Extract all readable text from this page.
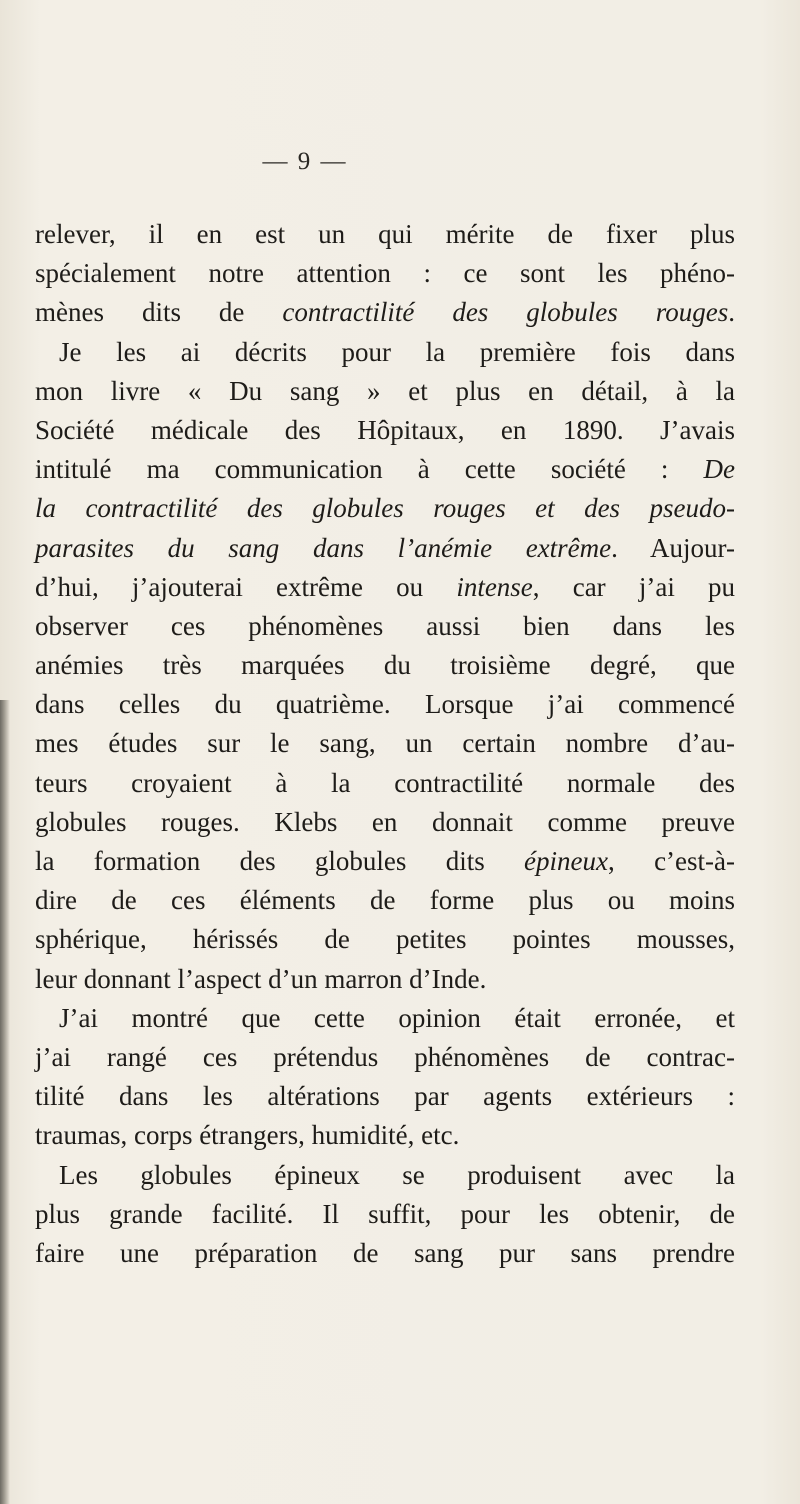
— 9 —
relever, il en est un qui mérite de fixer plus
spécialement notre attention : ce sont les phéno-
mènes dits de contractilité des globules rouges.
Je les ai décrits pour la première fois dans
mon livre « Du sang » et plus en détail, à la
Société médicale des Hôpitaux, en 1890. J’avais
intitulé ma communication à cette société : De
la contractilité des globules rouges et des pseudo-
parasites du sang dans l’anémie extrême. Aujour-
d’hui, j’ajouterai extrême ou intense, car j’ai pu
observer ces phénomènes aussi bien dans les
anémies très marquées du troisième degré, que
dans celles du quatrième. Lorsque j’ai commencé
mes études sur le sang, un certain nombre d’au-
teurs croyaient à la contractilité normale des
globules rouges. Klebs en donnait comme preuve
la formation des globules dits épineux, c’est-à-
dire de ces éléments de forme plus ou moins
sphérique, hérissés de petites pointes mousses,
leur donnant l’aspect d’un marron d’Inde.
J’ai montré que cette opinion était erronée, et
j’ai rangé ces prétendus phénomènes de contrac-
tilité dans les altérations par agents extérieurs :
traumas, corps étrangers, humidité, etc.
Les globules épineux se produisent avec la
plus grande facilité. Il suffit, pour les obtenir, de
faire une préparation de sang pur sans prendre
